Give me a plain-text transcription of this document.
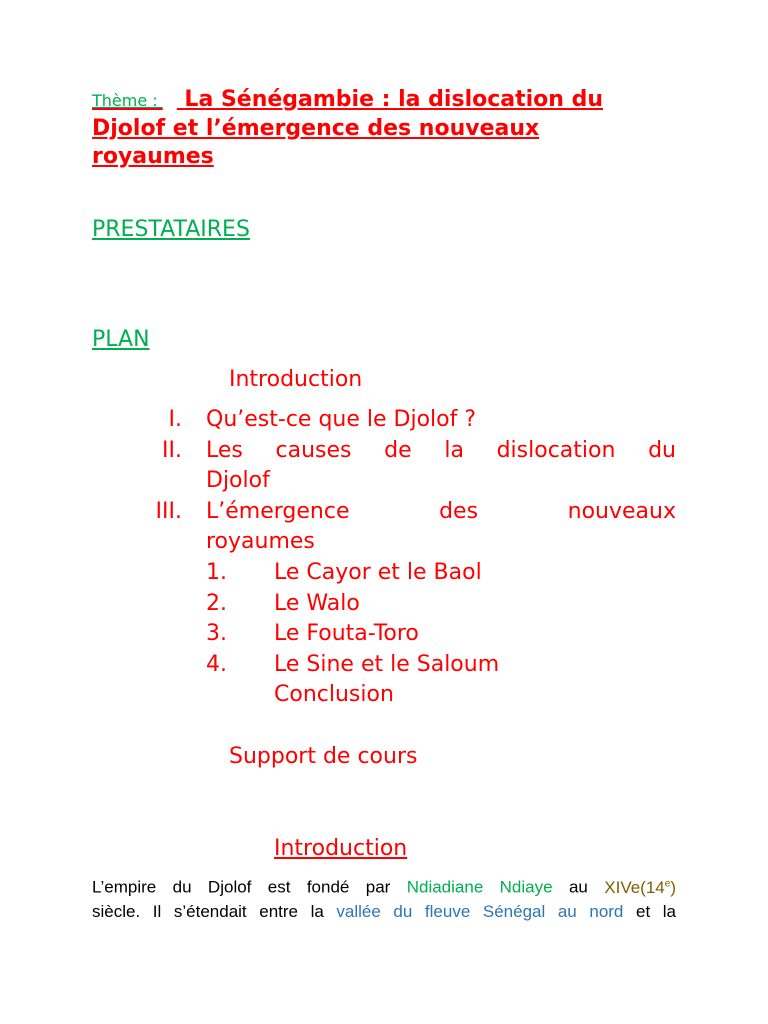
Thème :  La Sénégambie : la dislocation du
Djolof et l’émergence des nouveaux
royaumes
PRESTATAIRES
PLAN
Introduction
I. Qu’est-ce que le Djolof ?
II. Les causes de la dislocation du
Djolof
III. L’émergence des nouveaux
royaumes
1. Le Cayor et le Baol
2. Le Walo
3. Le Fouta-Toro
4. Le Sine et le Saloum
Conclusion
Support de cours
Introduction
L’empire du Djolof est fondé par Ndiadiane Ndiaye au XIVe(14e)
siècle. Il s’étendait entre la vallée du fleuve Sénégal au nord et la
